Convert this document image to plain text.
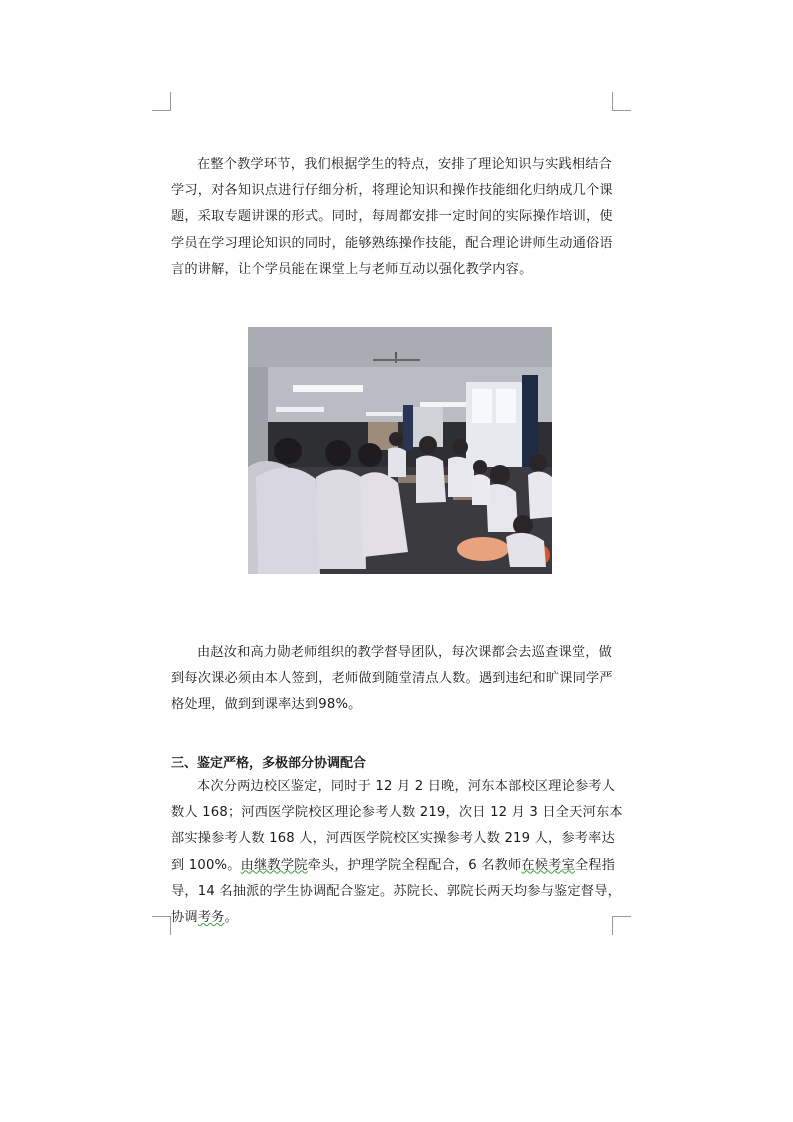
在整个教学环节，我们根据学生的特点，安排了理论知识与实践相结合学习，对各知识点进行仔细分析，将理论知识和操作技能细化归纳成几个课题，采取专题讲课的形式。同时，每周都安排一定时间的实际操作培训，使学员在学习理论知识的同时，能够熟练操作技能，配合理论讲师生动通俗语言的讲解，让个学员能在课堂上与老师互动以强化教学内容。

由赵汝和高力勋老师组织的教学督导团队，每次课都会去巡查课堂，做到每次课必须由本人签到，老师做到随堂清点人数。遇到违纪和旷课同学严格处理，做到到课率达到98%。

三、鉴定严格，多极部分协调配合

本次分两边校区鉴定，同时于 12 月 2 日晚，河东本部校区理论参考人数人 168；河西医学院校区理论参考人数 219，次日 12 月 3 日全天河东本部实操参考人数 168 人，河西医学院校区实操参考人数 219 人，参考率达到 100%。由继教学院牵头，护理学院全程配合，6 名教师在候考室全程指导，14 名抽派的学生协调配合鉴定。苏院长、郭院长两天均参与鉴定督导，协调考务。
